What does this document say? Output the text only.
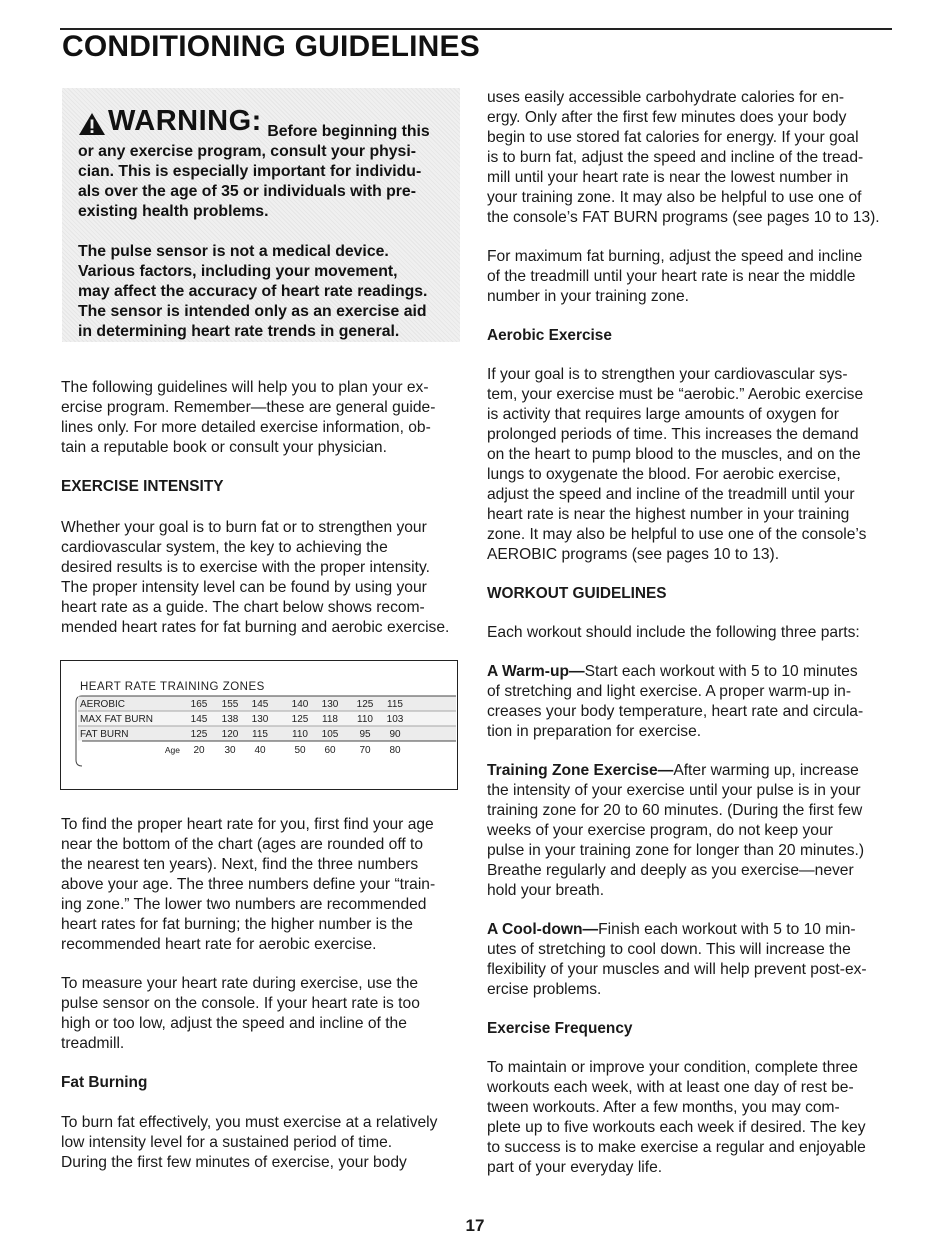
CONDITIONING GUIDELINES
WARNING : Before beginning this

or any exercise program, consult your physi-
cian. This is especially important for individu-
als over the age of 35 or individuals with pre-
existing health problems.

The pulse sensor is not a medical device.
Various factors, including your movement,
may affect the accuracy of heart rate readings.
The sensor is intended only as an exercise aid
in determining heart rate trends in general.

The following guidelines will help you to plan your ex-
ercise program. Remember—these are general guide-
lines only. For more detailed exercise information, ob-
tain a reputable book or consult your physician.

EXERCISE INTENSITY

Whether your goal is to burn fat or to strengthen your
cardiovascular system, the key to achieving the
desired results is to exercise with the proper intensity.
The proper intensity level can be found by using your
heart rate as a guide. The chart below shows recom-
mended heart rates for fat burning and aerobic exercise.

To find the proper heart rate for you, first find your age
near the bottom of the chart (ages are rounded off to
the nearest ten years). Next, find the three numbers
above your age. The three numbers define your “train-
ing zone.” The lower two numbers are recommended
heart rates for fat burning; the higher number is the
recommended heart rate for aerobic exercise.

To measure your heart rate during exercise, use the
pulse sensor on the console. If your heart rate is too
high or too low, adjust the speed and incline of the
treadmill.

Fat Burning

To burn fat effectively, you must exercise at a relatively
low intensity level for a sustained period of time.
During the first few minutes of exercise, your body

HEART RATE TRAINING ZONES
AEROBIC
MAX FAT BURN
FAT BURN
165 155 145 140 130 125 115
145 138 130 125 118 110 103
125 120 115 110 105 95 90
Age 20 30 40	50 60 70 80

uses easily accessible carbohydrate calories for en-
ergy. Only after the first few minutes does your body
begin to use stored fat calories for energy. If your goal
is to burn fat, adjust the speed and incline of the tread-
mill until your heart rate is near the lowest number in
your training zone. It may also be helpful to use one of
the console’s FAT BURN programs (see pages 10 to 13).

For maximum fat burning, adjust the speed and incline
of the treadmill until your heart rate is near the middle
number in your training zone.

Aerobic Exercise

If your goal is to strengthen your cardiovascular sys-
tem, your exercise must be “aerobic.” Aerobic exercise
is activity that requires large amounts of oxygen for
prolonged periods of time. This increases the demand
on the heart to pump blood to the muscles, and on the
lungs to oxygenate the blood. For aerobic exercise,
adjust the speed and incline of the treadmill until your
heart rate is near the highest number in your training
zone. It may also be helpful to use one of the console’s
AEROBIC programs (see pages 10 to 13).

WORKOUT GUIDELINES

Each workout should include the following three parts:

A Warm-up—Start each workout with 5 to 10 minutes
of stretching and light exercise. A proper warm-up in-
creases your body temperature, heart rate and circula-
tion in preparation for exercise.

Training Zone Exercise—After warming up, increase
the intensity of your exercise until your pulse is in your
training zone for 20 to 60 minutes. (During the first few
weeks of your exercise program, do not keep your
pulse in your training zone for longer than 20 minutes.)
Breathe regularly and deeply as you exercise—never
hold your breath.

A Cool-down—Finish each workout with 5 to 10 min-
utes of stretching to cool down. This will increase the
flexibility of your muscles and will help prevent post-ex-
ercise problems.

Exercise Frequency

To maintain or improve your condition, complete three
workouts each week, with at least one day of rest be-
tween workouts. After a few months, you may com-
plete up to five workouts each week if desired. The key
to success is to make exercise a regular and enjoyable
part of your everyday life.

17
